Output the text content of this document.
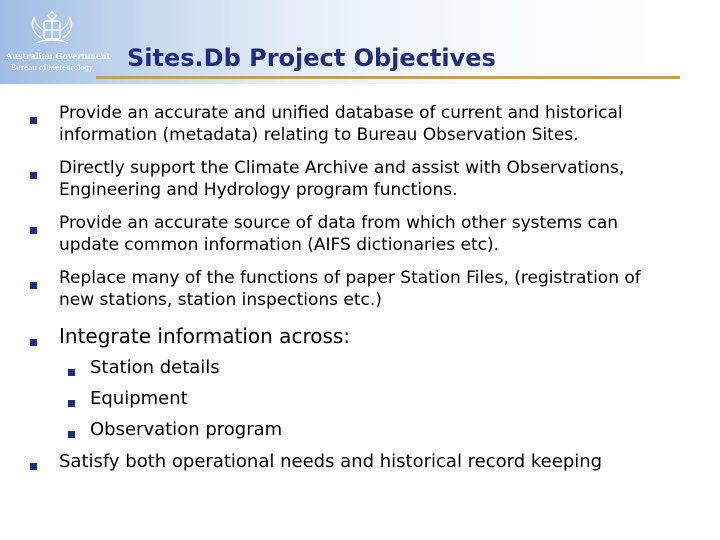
Australian Government
Bureau of Meteorology Sites.Db Project Objectives
Provide an accurate and unified database of current and historical
information (metadata) relating to Bureau Observation Sites.
Directly support the Climate Archive and assist with Observations,
Engineering and Hydrology program functions.
Provide an accurate source of data from which other systems can
update common information (AIFS dictionaries etc).
Replace many of the functions of paper Station Files, (registration of
new stations, station inspections etc.)
Integrate information across:
Station details
Equipment
Observation program
Satisfy both operational needs and historical record keeping
